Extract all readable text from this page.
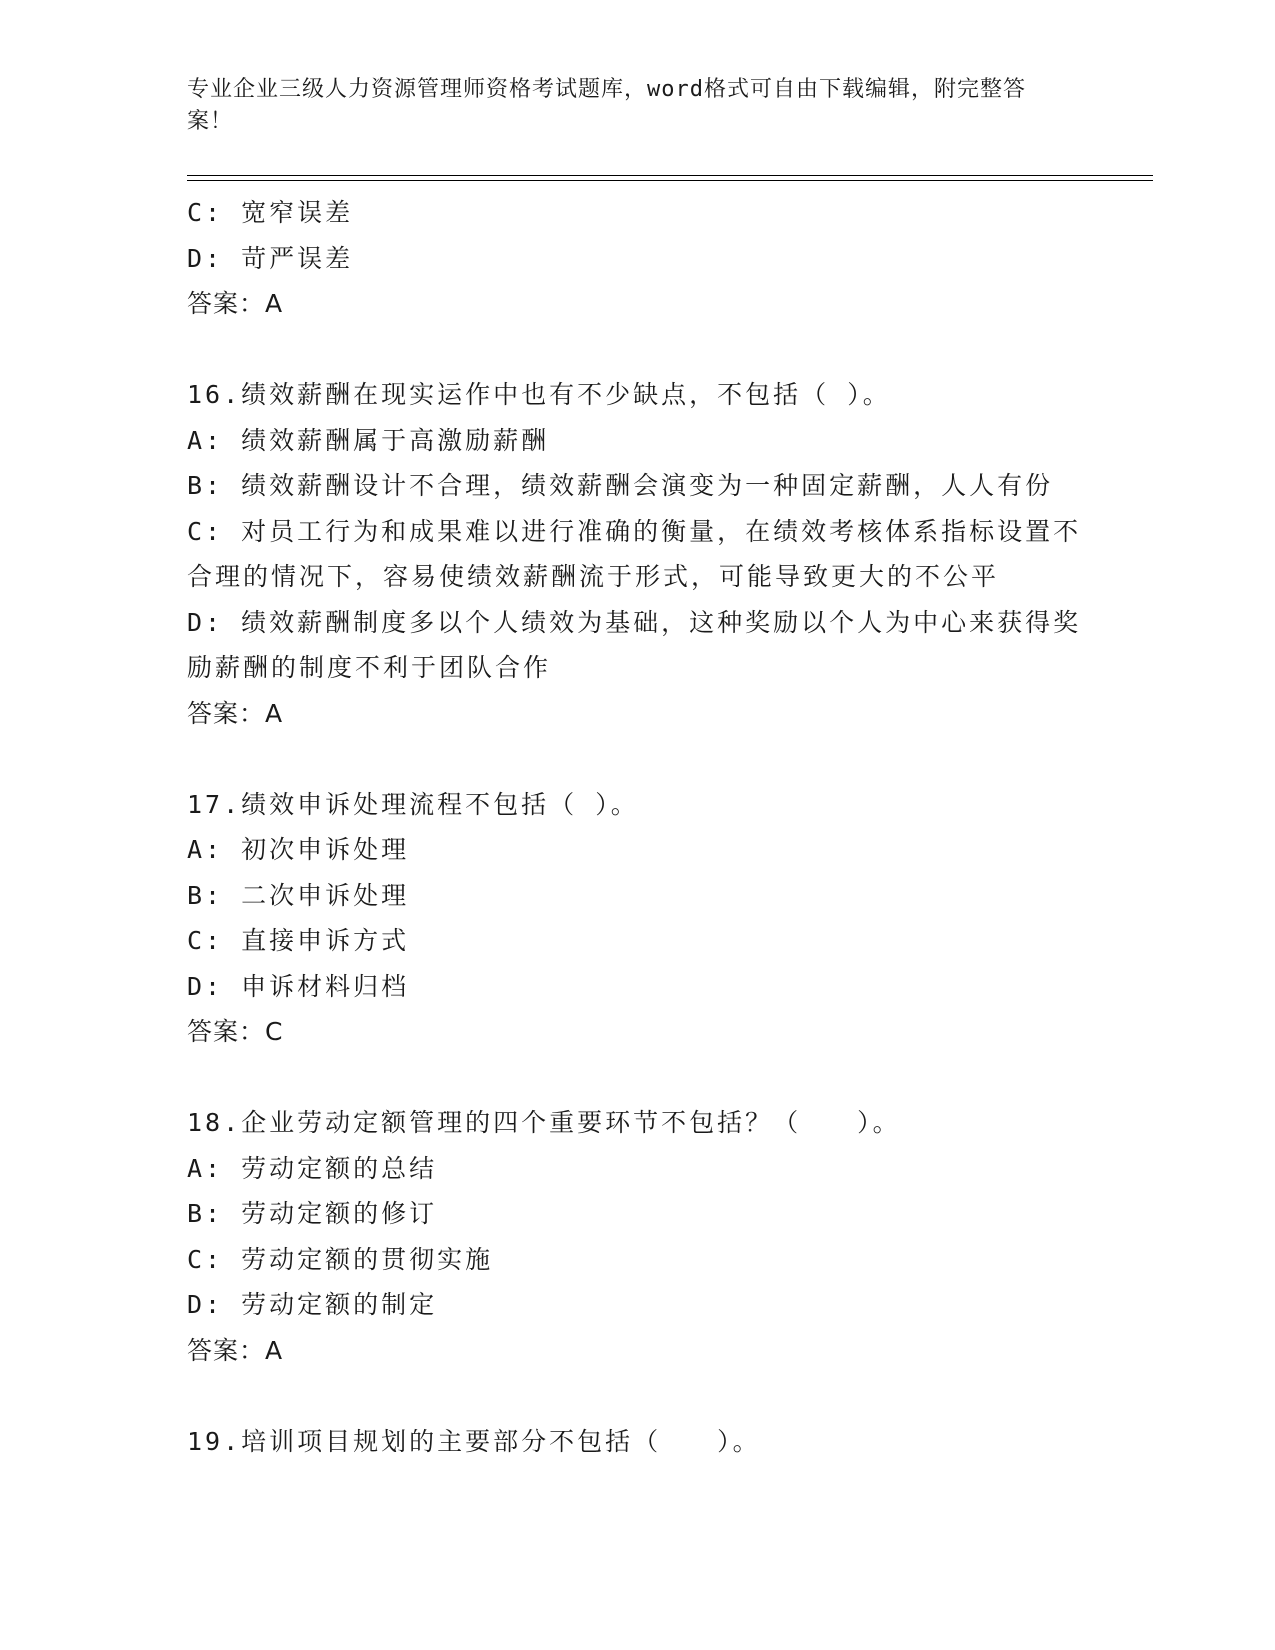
专业企业三级人力资源管理师资格考试题库，word格式可自由下载编辑，附完整答案！
C: 宽窄误差
D: 苛严误差
答案：A
16.绩效薪酬在现实运作中也有不少缺点，不包括（ ）。
A: 绩效薪酬属于高激励薪酬
B: 绩效薪酬设计不合理，绩效薪酬会演变为一种固定薪酬，人人有份
C: 对员工行为和成果难以进行准确的衡量，在绩效考核体系指标设置不合理的情况下，容易使绩效薪酬流于形式，可能导致更大的不公平
D: 绩效薪酬制度多以个人绩效为基础，这种奖励以个人为中心来获得奖励薪酬的制度不利于团队合作
答案：A
17.绩效申诉处理流程不包括（ ）。
A: 初次申诉处理
B: 二次申诉处理
C: 直接申诉方式
D: 申诉材料归档
答案：C
18.企业劳动定额管理的四个重要环节不包括？（　　）。
A: 劳动定额的总结
B: 劳动定额的修订
C: 劳动定额的贯彻实施
D: 劳动定额的制定
答案：A
19.培训项目规划的主要部分不包括（　　）。
